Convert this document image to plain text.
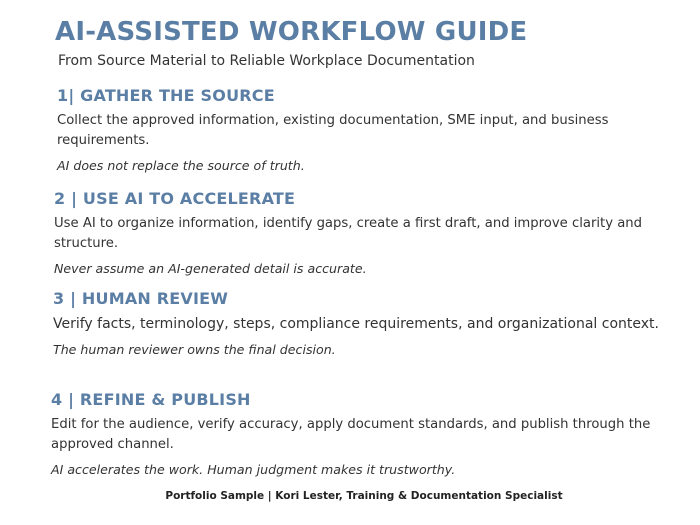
AI-ASSISTED WORKFLOW GUIDE
From Source Material to Reliable Workplace Documentation
1| GATHER THE SOURCE

Collect the approved information, existing documentation, SME input, and business requirements.

AI does not replace the source of truth.

2 | USE AI TO ACCELERATE

Use AI to organize information, identify gaps, create a first draft, and improve clarity and structure.

Never assume an AI-generated detail is accurate.

3 | HUMAN REVIEW

Verify facts, terminology, steps, compliance requirements, and organizational context.

The human reviewer owns the final decision.

4 | REFINE & PUBLISH

Edit for the audience, verify accuracy, apply document standards, and publish through the approved channel.

AI accelerates the work. Human judgment makes it trustworthy.

Portfolio Sample | Kori Lester, Training & Documentation Specialist
